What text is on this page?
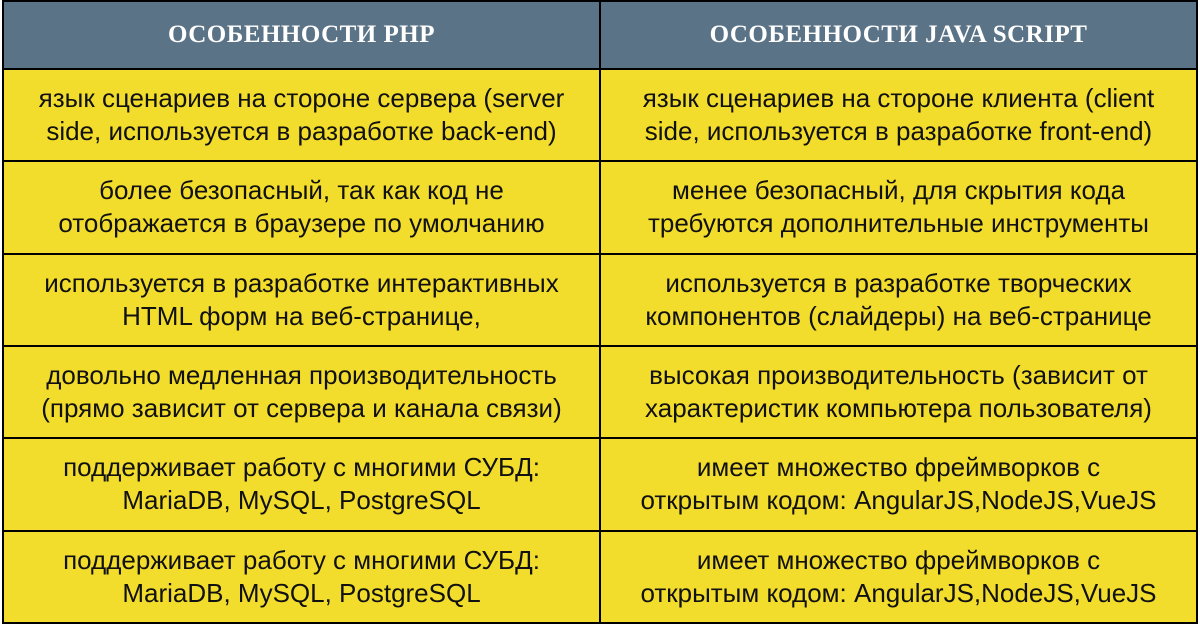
ОСОБЕННОСТИ PHP	ОСОБЕННОСТИ JAVA SCRIPT

язык сценариев на стороне сервера (server
side, используется в разработке back-end)	язык сценариев на стороне клиента (client
side, используется в разработке front-end)

более безопасный, так как код не
отображается в браузере по умолчанию	менее безопасный, для скрытия кода
требуются дополнительные инструменты

используется в разработке интерактивных
HTML форм на веб-странице,	используется в разработке творческих
компонентов (слайдеры) на веб-странице

довольно медленная производительность
(прямо зависит от сервера и канала связи)	высокая производительность (зависит от
характеристик компьютера пользователя)

поддерживает работу с многими СУБД:
MariaDB, MySQL, PostgreSQL	имеет множество фреймворков с
открытым кодом: AngularJS,NodeJS,VueJS

поддерживает работу с многими СУБД:
MariaDB, MySQL, PostgreSQL	имеет множество фреймворков с
открытым кодом: AngularJS,NodeJS,VueJS
